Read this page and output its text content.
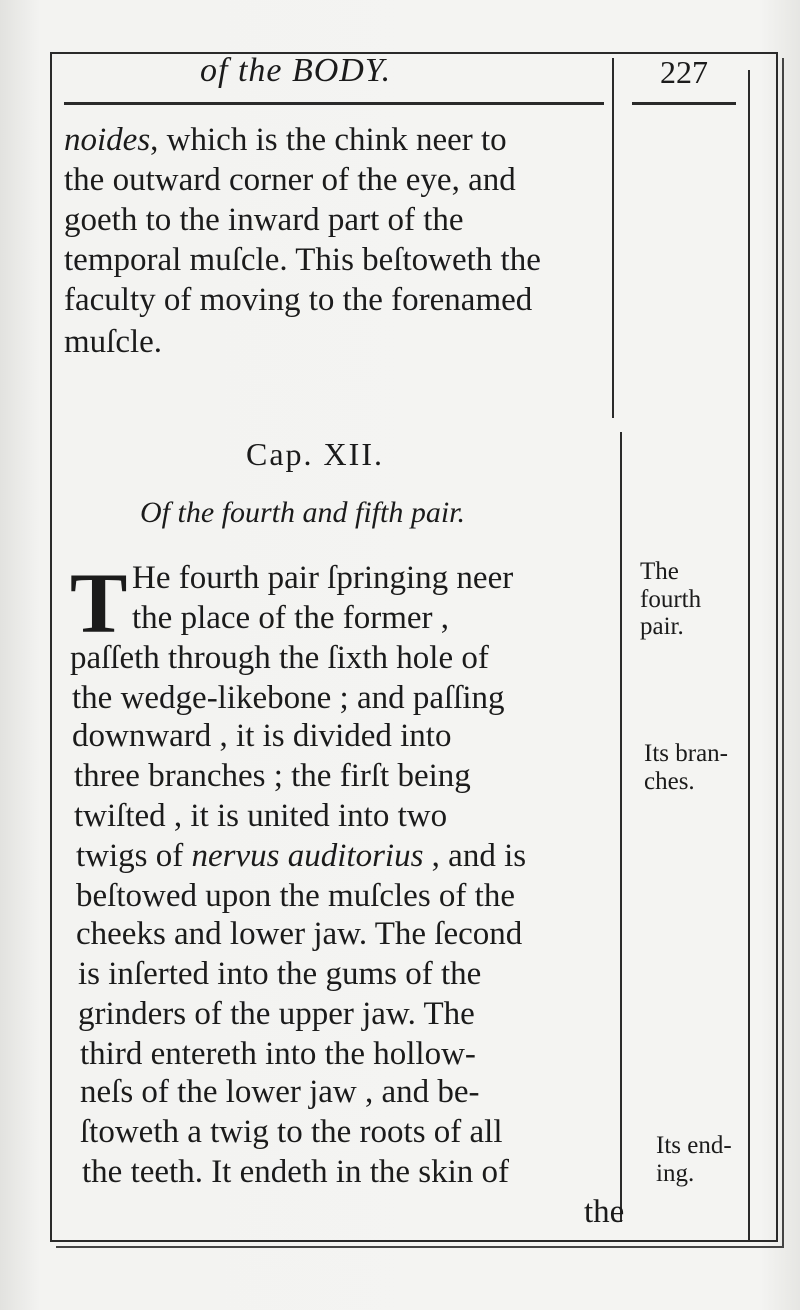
of the BODY.	227
noides, which is the chink neer to
the outward corner of the eye, and
goeth to the inward part of the
temporal muſcle. This beſtoweth the
faculty of moving to the forenamed
muſcle.
Cap. XII.
Of the fourth and fifth pair.
T He fourth pair ſpringing neer
the place of the former ,
paſſeth through the ſixth hole of
the wedge-likebone ; and paſſing
downward , it is divided into
three branches ; the firſt being
twiſted , it is united into two
twigs of nervus auditorius , and is
beſtowed upon the muſcles of the
cheeks and lower jaw. The ſecond
is inſerted into the gums of the
grinders of the upper jaw. The
third entereth into the hollow-
neſs of the lower jaw , and be-
ſtoweth a twig to the roots of all
the teeth. It endeth in the skin of
the
The
fourth
pair.
Its bran-
ches.
Its end-
ing.
